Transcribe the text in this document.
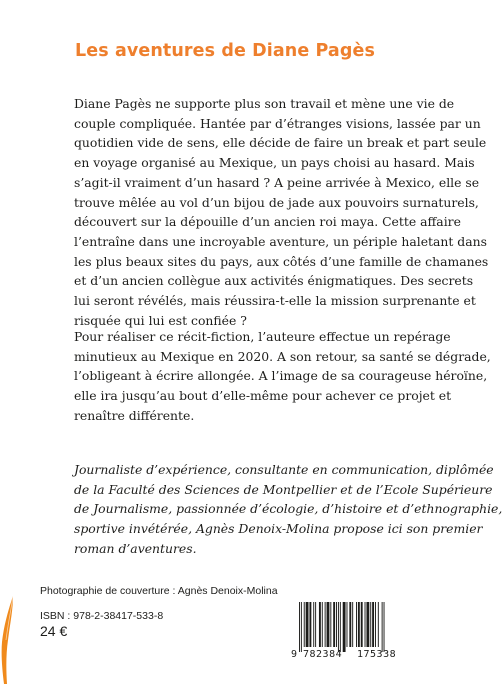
Les aventures de Diane Pagès
Diane Pagès ne supporte plus son travail et mène une vie de
couple compliquée. Hantée par d’étranges visions, lassée par un
quotidien vide de sens, elle décide de faire un break et part seule
en voyage organisé au Mexique, un pays choisi au hasard. Mais
s’agit-il vraiment d’un hasard ? A peine arrivée à Mexico, elle se
trouve mêlée au vol d’un bijou de jade aux pouvoirs surnaturels,
découvert sur la dépouille d’un ancien roi maya. Cette affaire
l’entraîne dans une incroyable aventure, un périple haletant dans
les plus beaux sites du pays, aux côtés d’une famille de chamanes
et d’un ancien collègue aux activités énigmatiques. Des secrets
lui seront révélés, mais réussira-t-elle la mission surprenante et
risquée qui lui est confiée ?
Pour réaliser ce récit-fiction, l’auteure effectue un repérage
minutieux au Mexique en 2020. A son retour, sa santé se dégrade,
l’obligeant à écrire allongée. A l’image de sa courageuse héroïne,
elle ira jusqu’au bout d’elle-même pour achever ce projet et
renaître différente.
Journaliste d’expérience, consultante en communication, diplômée
de la Faculté des Sciences de Montpellier et de l’Ecole Supérieure
de Journalisme, passionnée d’écologie, d’histoire et d’ethnographie,
sportive invétérée, Agnès Denoix-Molina propose ici son premier
roman d’aventures.
Photographie de couverture : Agnès Denoix-Molina
ISBN : 978-2-38417-533-8
24 €
9 782384 175338
